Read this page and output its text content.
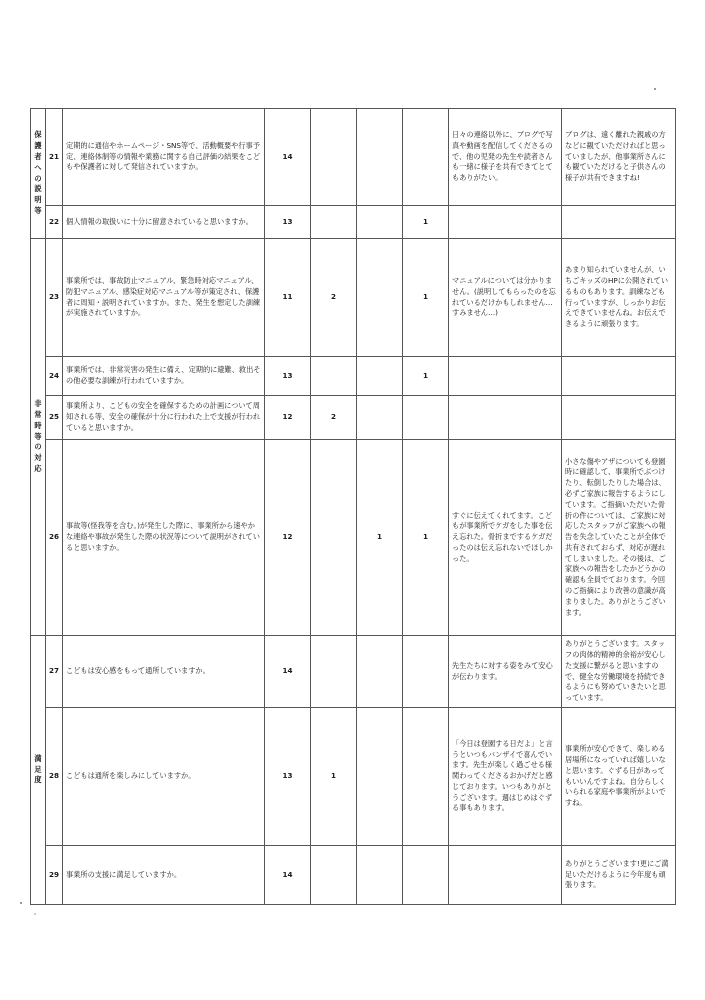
保護者への説明等	21	定期的に通信やホームページ・SNS等で、活動概要や行事予定、連絡体制等の情報や業務に関する自己評価の結果をこどもや保護者に対して発信されていますか。	14				日々の連絡以外に、ブログで写真や動画を配信してくださるので、他の児発の先生や読者さんも一緒に様子を共有できてとてもありがたい。	ブログは、遠く離れた親戚の方などに観ていただければと思っていましたが、他事業所さんにも観ていただけると子供さんの様子が共有できますね!
	22	個人情報の取扱いに十分に留意されていると思いますか。	13			1		
非常時等の対応	23	事業所では、事故防止マニュアル、緊急時対応マニュアル、防犯マニュアル、感染症対応マニュアル等が策定され、保護者に周知・説明されていますか。また、発生を想定した訓練が実施されていますか。	11	2		1	マニュアルについては分かりません。(説明してもらったのを忘れているだけかもしれません…すみません…)	あまり知られていませんが、いちごキッズのHPに公開されているものもあります。訓練なども行っていますが、しっかりお伝えできていませんね。お伝えできるように頑張ります。
	24	事業所では、非常災害の発生に備え、定期的に避難、救出その他必要な訓練が行われていますか。	13			1		
	25	事業所より、こどもの安全を確保するための計画について周知される等、安全の確保が十分に行われた上で支援が行われていると思いますか。	12	2				
	26	事故等(怪我等を含む。)が発生した際に、事業所から速やかな連絡や事故が発生した際の状況等について説明がされていると思いますか。	12		1	1	すぐに伝えてくれてます。こどもが事業所でケガをした事を伝え忘れた。骨折までするケガだったのは伝え忘れないでほしかった。	小さな傷やアザについても登園時に確認して、事業所でぶつけたり、転倒したりした場合は、必ずご家族に報告するようにしています。ご指摘いただいた骨折の件については、ご家族に対応したスタッフがご家族への報告を失念していたことが全体で共有されておらず、対応が遅れてしまいました。その後は、ご家族への報告をしたかどうかの確認も全員でております。今回のご指摘により改善の意識が高まりました。ありがとうございます。
満足度	27	こどもは安心感をもって通所していますか。	14				先生たちに対する姿をみて安心が伝わります。	ありがとうございます。スタッフの肉体的精神的余裕が安心した支援に繋がると思いますので、健全な労働環境を持続できるようにも努めていきたいと思っています。
	28	こどもは通所を楽しみにしていますか。	13	1			「今日は登園する日だよ」と言うといつもバンザイで喜んでいます。先生が楽しく過ごせる様関わってくださるおかげだと感じております。いつもありがとうございます。週はじめはぐずる事もあります。	事業所が安心できて、楽しめる居場所になっていれば嬉しいなと思います。ぐずる日があってもいいんですよね。自分らしくいられる家庭や事業所がよいですね。
	29	事業所の支援に満足していますか。	14					ありがとうございます!更にご満足いただけるように今年度も頑張ります。
˒
